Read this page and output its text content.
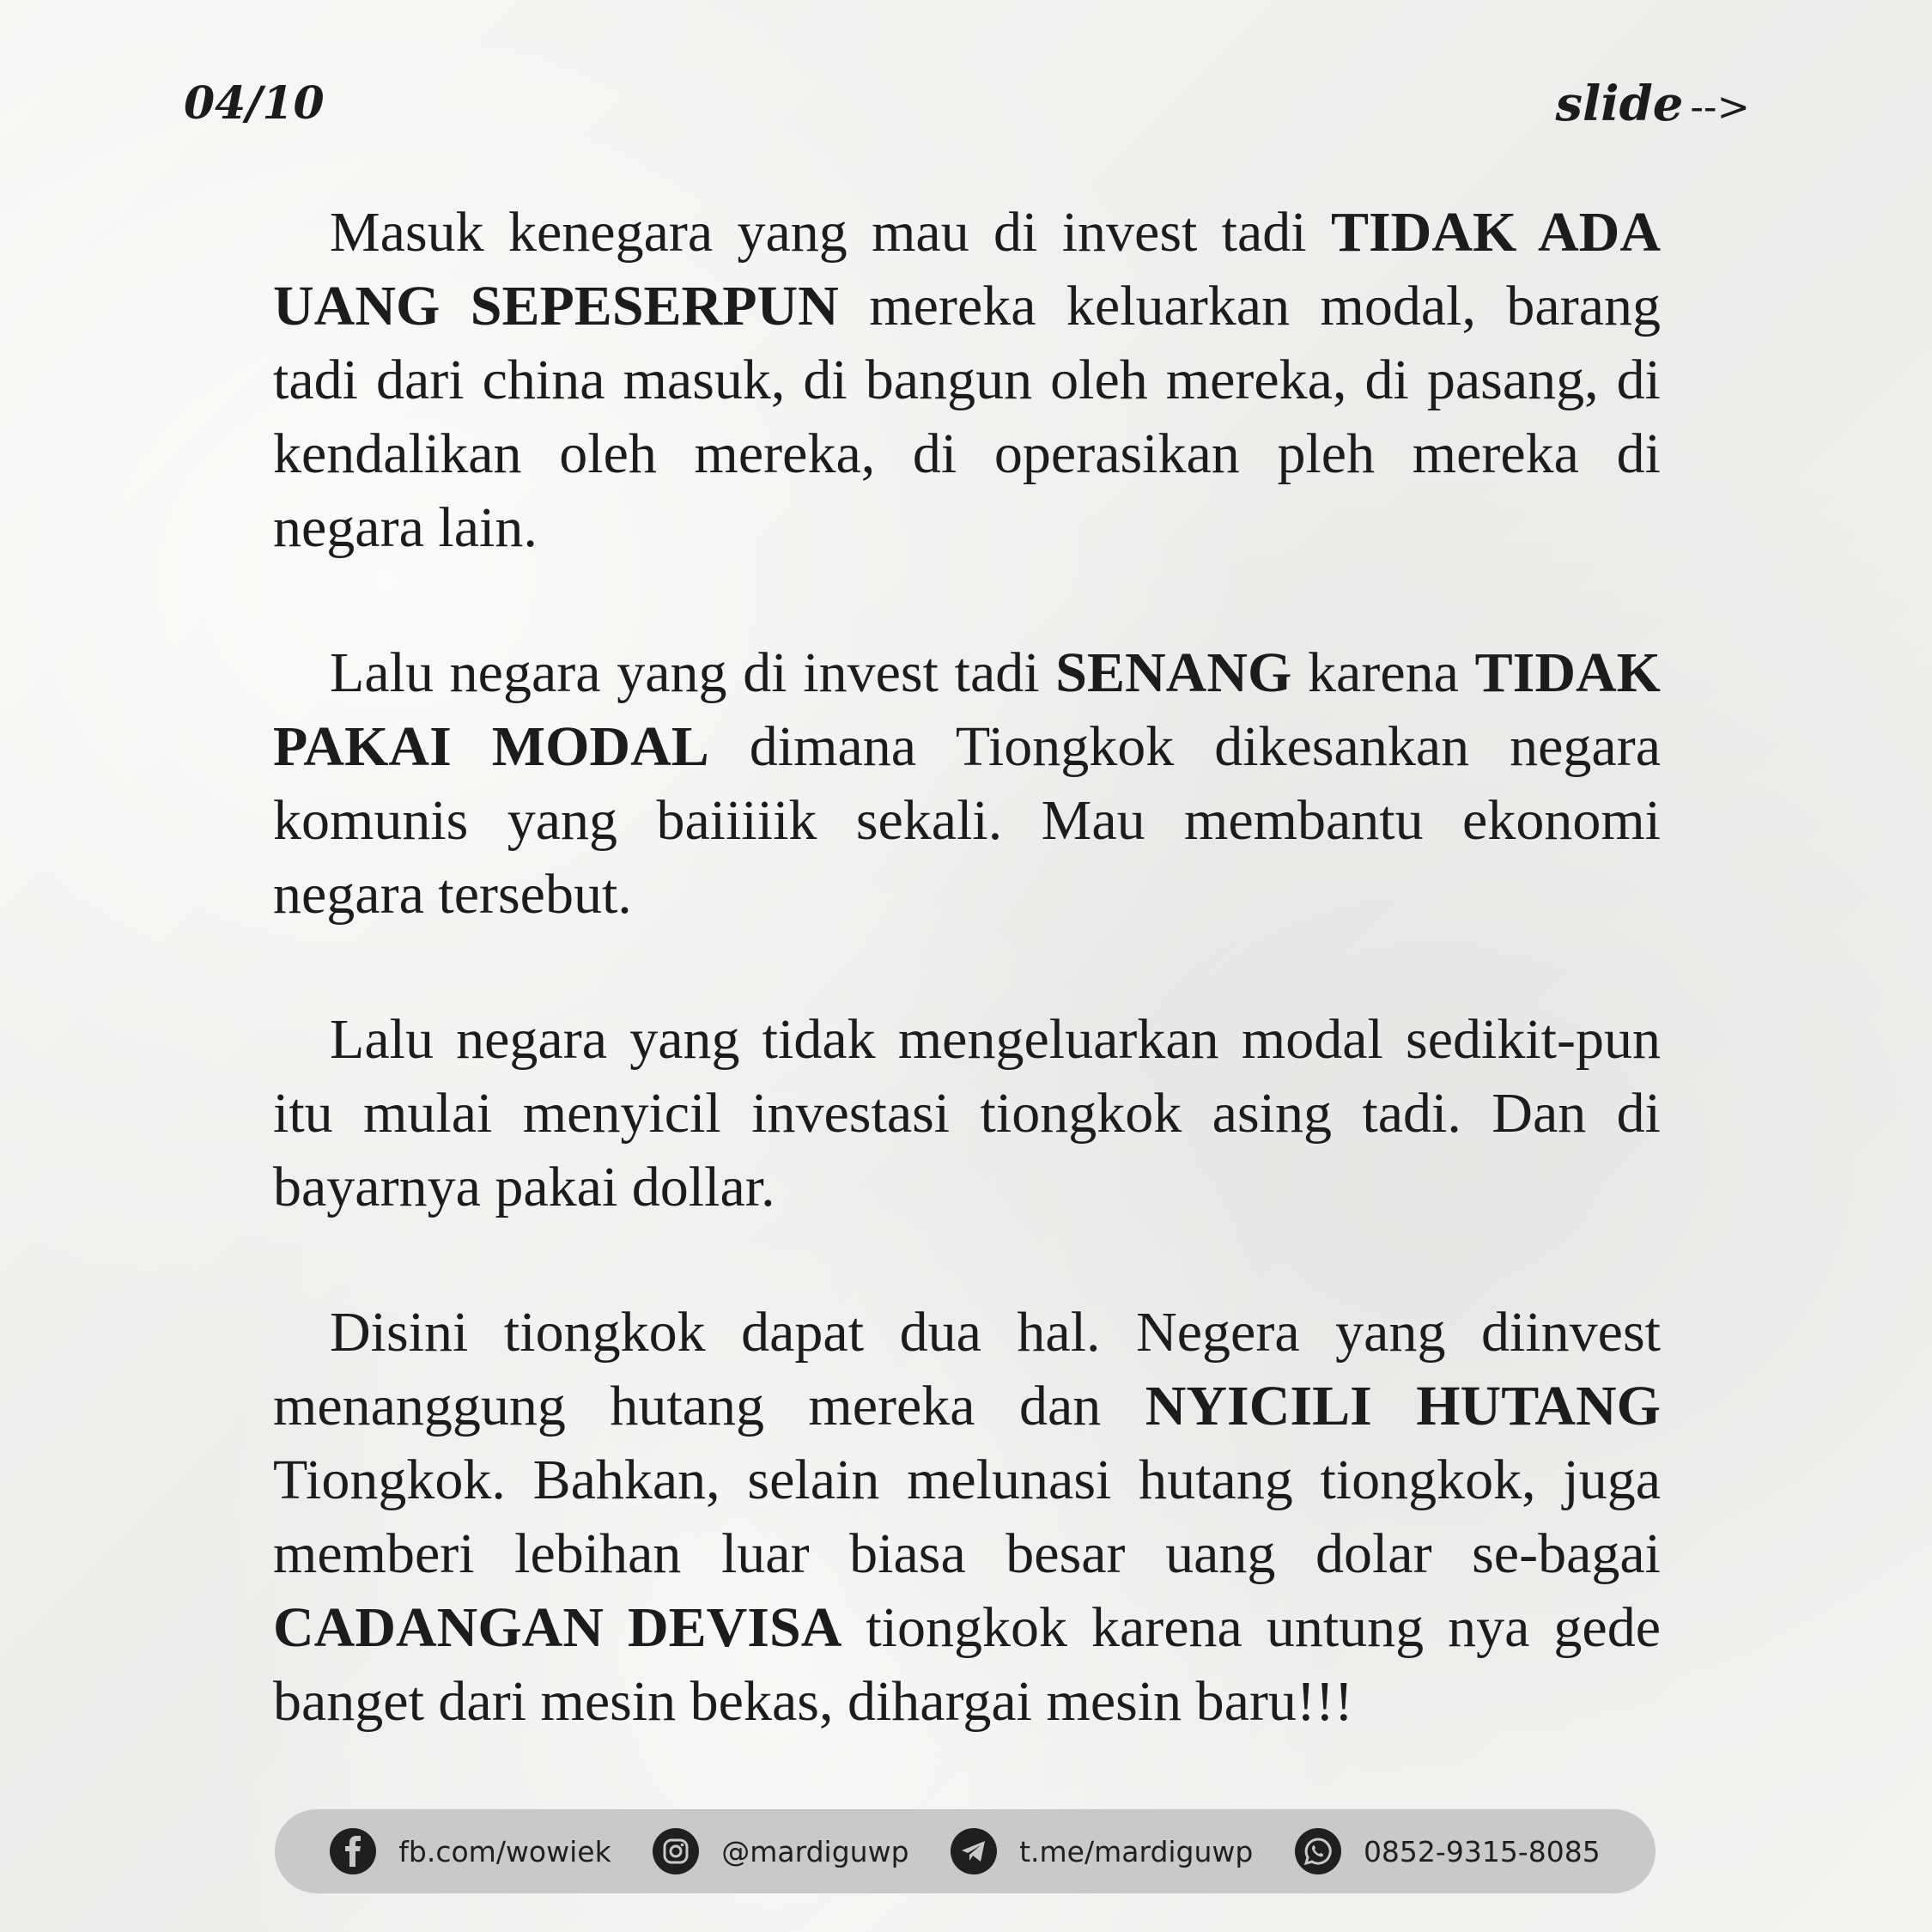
04/10	slide -->

Masuk kenegara yang mau di invest tadi TIDAK ADA UANG SEPESERPUN mereka keluarkan modal, barang tadi dari china masuk, di bangun oleh mereka, di pasang, di kendalikan oleh mereka, di operasikan pleh mereka di negara lain.

Lalu negara yang di invest tadi SENANG karena TIDAK PAKAI MODAL dimana Tiongkok dikesankan negara komunis yang baiiiiik sekali. Mau membantu ekonomi negara tersebut.

Lalu negara yang tidak mengeluarkan modal sedikit-pun itu mulai menyicil investasi tiongkok asing tadi. Dan di bayarnya pakai dollar.

Disini tiongkok dapat dua hal. Negera yang diinvest menanggung hutang mereka dan NYICILI HUTANG Tiongkok. Bahkan, selain melunasi hutang tiongkok, juga memberi lebihan luar biasa besar uang dolar se-bagai CADANGAN DEVISA tiongkok karena untung nya gede banget dari mesin bekas, dihargai mesin baru!!!

fb.com/wowiek	@mardiguwp	t.me/mardiguwp	0852-9315-8085
